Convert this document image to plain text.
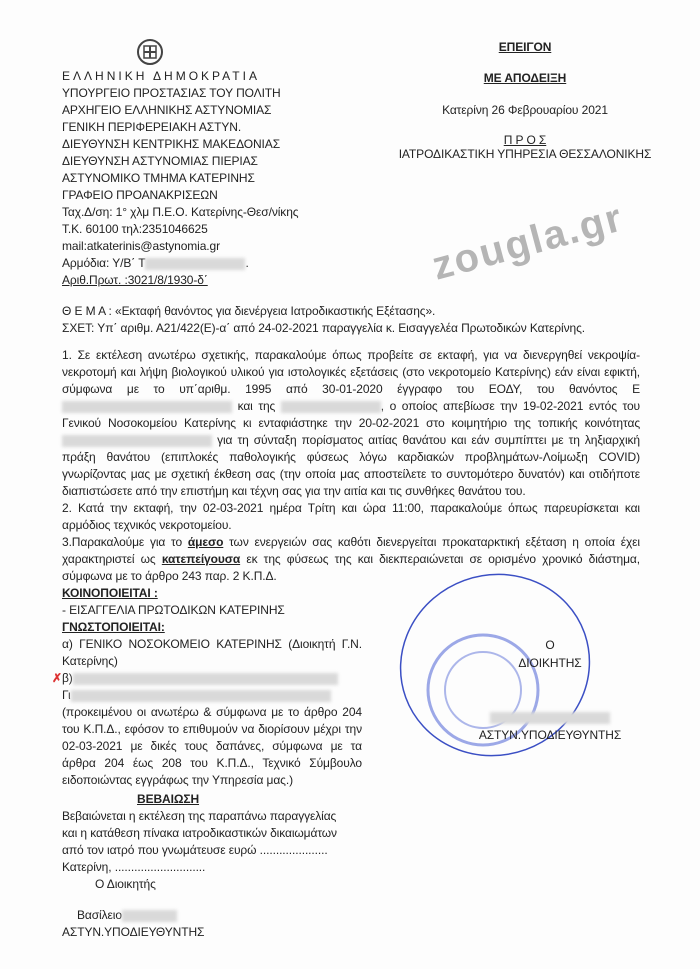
ΕΠΕΙΓΟΝ
ΜΕ ΑΠΟΔΕΙΞΗ
Κατερίνη 26 Φεβρουαρίου 2021
Π Ρ Ο Σ
ΙΑΤΡΟΔΙΚΑΣΤΙΚΗ ΥΠΗΡΕΣΙΑ ΘΕΣΣΑΛΟΝΙΚΗΣ
zougla.gr
ΕΛΛΗΝΙΚΗ ΔΗΜΟΚΡΑΤΙΑ
ΥΠΟΥΡΓΕΙΟ ΠΡΟΣΤΑΣΙΑΣ ΤΟΥ ΠΟΛΙΤΗ
ΑΡΧΗΓΕΙΟ ΕΛΛΗΝΙΚΗΣ ΑΣΤΥΝΟΜΙΑΣ
ΓΕΝΙΚΗ ΠΕΡΙΦΕΡΕΙΑΚΗ ΑΣΤΥΝ.
ΔΙΕΥΘΥΝΣΗ ΚΕΝΤΡΙΚΗΣ ΜΑΚΕΔΟΝΙΑΣ
ΔΙΕΥΘΥΝΣΗ ΑΣΤΥΝΟΜΙΑΣ ΠΙΕΡΙΑΣ
ΑΣΤΥΝΟΜΙΚΟ ΤΜΗΜΑ ΚΑΤΕΡΙΝΗΣ
ΓΡΑΦΕΙΟ ΠΡΟΑΝΑΚΡΙΣΕΩΝ
Ταχ.Δ/ση: 1° χλμ Π.Ε.Ο. Κατερίνης-Θεσ/νίκης
Τ.Κ. 60100 τηλ:2351046625
mail:atkaterinis@astynomia.gr
Αρμόδια: Υ/Β΄ Τ	.
Αριθ.Πρωτ. :3021/8/1930-δ΄

Θ Ε Μ Α : «Εκταφή θανόντος για διενέργεια Ιατροδικαστικής Εξέτασης».

ΣΧΕΤ: Υπ΄ αριθμ. Α21/422(Ε)-α΄ από 24-02-2021 παραγγελία κ. Εισαγγελέα Πρωτοδικών Κατερίνης.

1. Σε εκτέλεση ανωτέρω σχετικής, παρακαλούμε όπως προβείτε σε εκταφή, για να διενεργηθεί νεκροψία-νεκροτομή και λήψη βιολογικού υλικού για ιστολογικές εξετάσεις (στο νεκροτομείο Κατερίνης) εάν είναι εφικτή, σύμφωνα με το υπ΄αριθμ. 1995 από 30-01-2020 έγγραφο του ΕΟΔΥ, του θανόντος Ε και της	, ο οποίος απεβίωσε την 19-02-2021 εντός του Γενικού Νοσοκομείου Κατερίνης κι ενταφιάστηκε την 20-02-2021 στο κοιμητήριο της τοπικής κοινότητας  για τη σύνταξη πορίσματος αιτίας θανάτου και εάν συμπίπτει με τη ληξιαρχική πράξη θανάτου (επιπλοκές παθολογικής φύσεως λόγω καρδιακών προβλημάτων-Λοίμωξη COVID) γνωρίζοντας μας με σχετική έκθεση σας (την οποία μας αποστείλετε το συντομότερο δυνατόν) και οτιδήποτε διαπιστώσετε από την επιστήμη και τέχνη σας για την αιτία και τις συνθήκες θανάτου του.

2. Κατά την εκταφή, την 02-03-2021 ημέρα Τρίτη και ώρα 11:00, παρακαλούμε όπως παρευρίσκεται και αρμόδιος τεχνικός νεκροτομείου.

3.Παρακαλούμε για το άμεσο των ενεργειών σας καθότι διενεργείται προκαταρκτική εξέταση η οποία έχει χαρακτηριστεί ως κατεπείγουσα εκ της φύσεως της και διεκπεραιώνεται σε ορισμένο χρονικό διάστημα, σύμφωνα με το άρθρο 243 παρ. 2 Κ.Π.Δ.

ΚΟΙΝΟΠΟΙΕΙΤΑΙ :

- ΕΙΣΑΓΓΕΛΙΑ ΠΡΩΤΟΔΙΚΩΝ ΚΑΤΕΡΙΝΗΣ

ΓΝΩΣΤΟΠΟΙΕΙΤΑΙ:

α) ΓΕΝΙΚΟ ΝΟΣΟΚΟΜΕΙΟ ΚΑΤΕΡΙΝΗΣ (Διοικητή Γ.Ν. Κατερίνης)

✗ β)

Γι

(προκειμένου οι ανωτέρω & σύμφωνα με το άρθρο 204 του Κ.Π.Δ., εφόσον το επιθυμούν να διορίσουν μέχρι την 02-03-2021 με δικές τους δαπάνες, σύμφωνα με τα άρθρα 204 έως 208 του Κ.Π.Δ., Τεχνικό Σύμβουλο ειδοποιώντας εγγράφως την Υπηρεσία μας.)

ΒΕΒΑΙΩΣΗ
Βεβαιώνεται η εκτέλεση της παραπάνω παραγγελίας
και η κατάθεση πίνακα ιατροδικαστικών δικαιωμάτων
από τον ιατρό που γνωμάτευσε ευρώ .....................
Κατερίνη, ............................
Ο Διοικητής
Βασίλειο
ΑΣΤΥΝ.ΥΠΟΔΙΕΥΘΥΝΤΗΣ
Ο
ΔΙΟΙΚΗΤΗΣ
ΑΣΤΥΝ.ΥΠΟΔΙΕΥΘΥΝΤΗΣ
